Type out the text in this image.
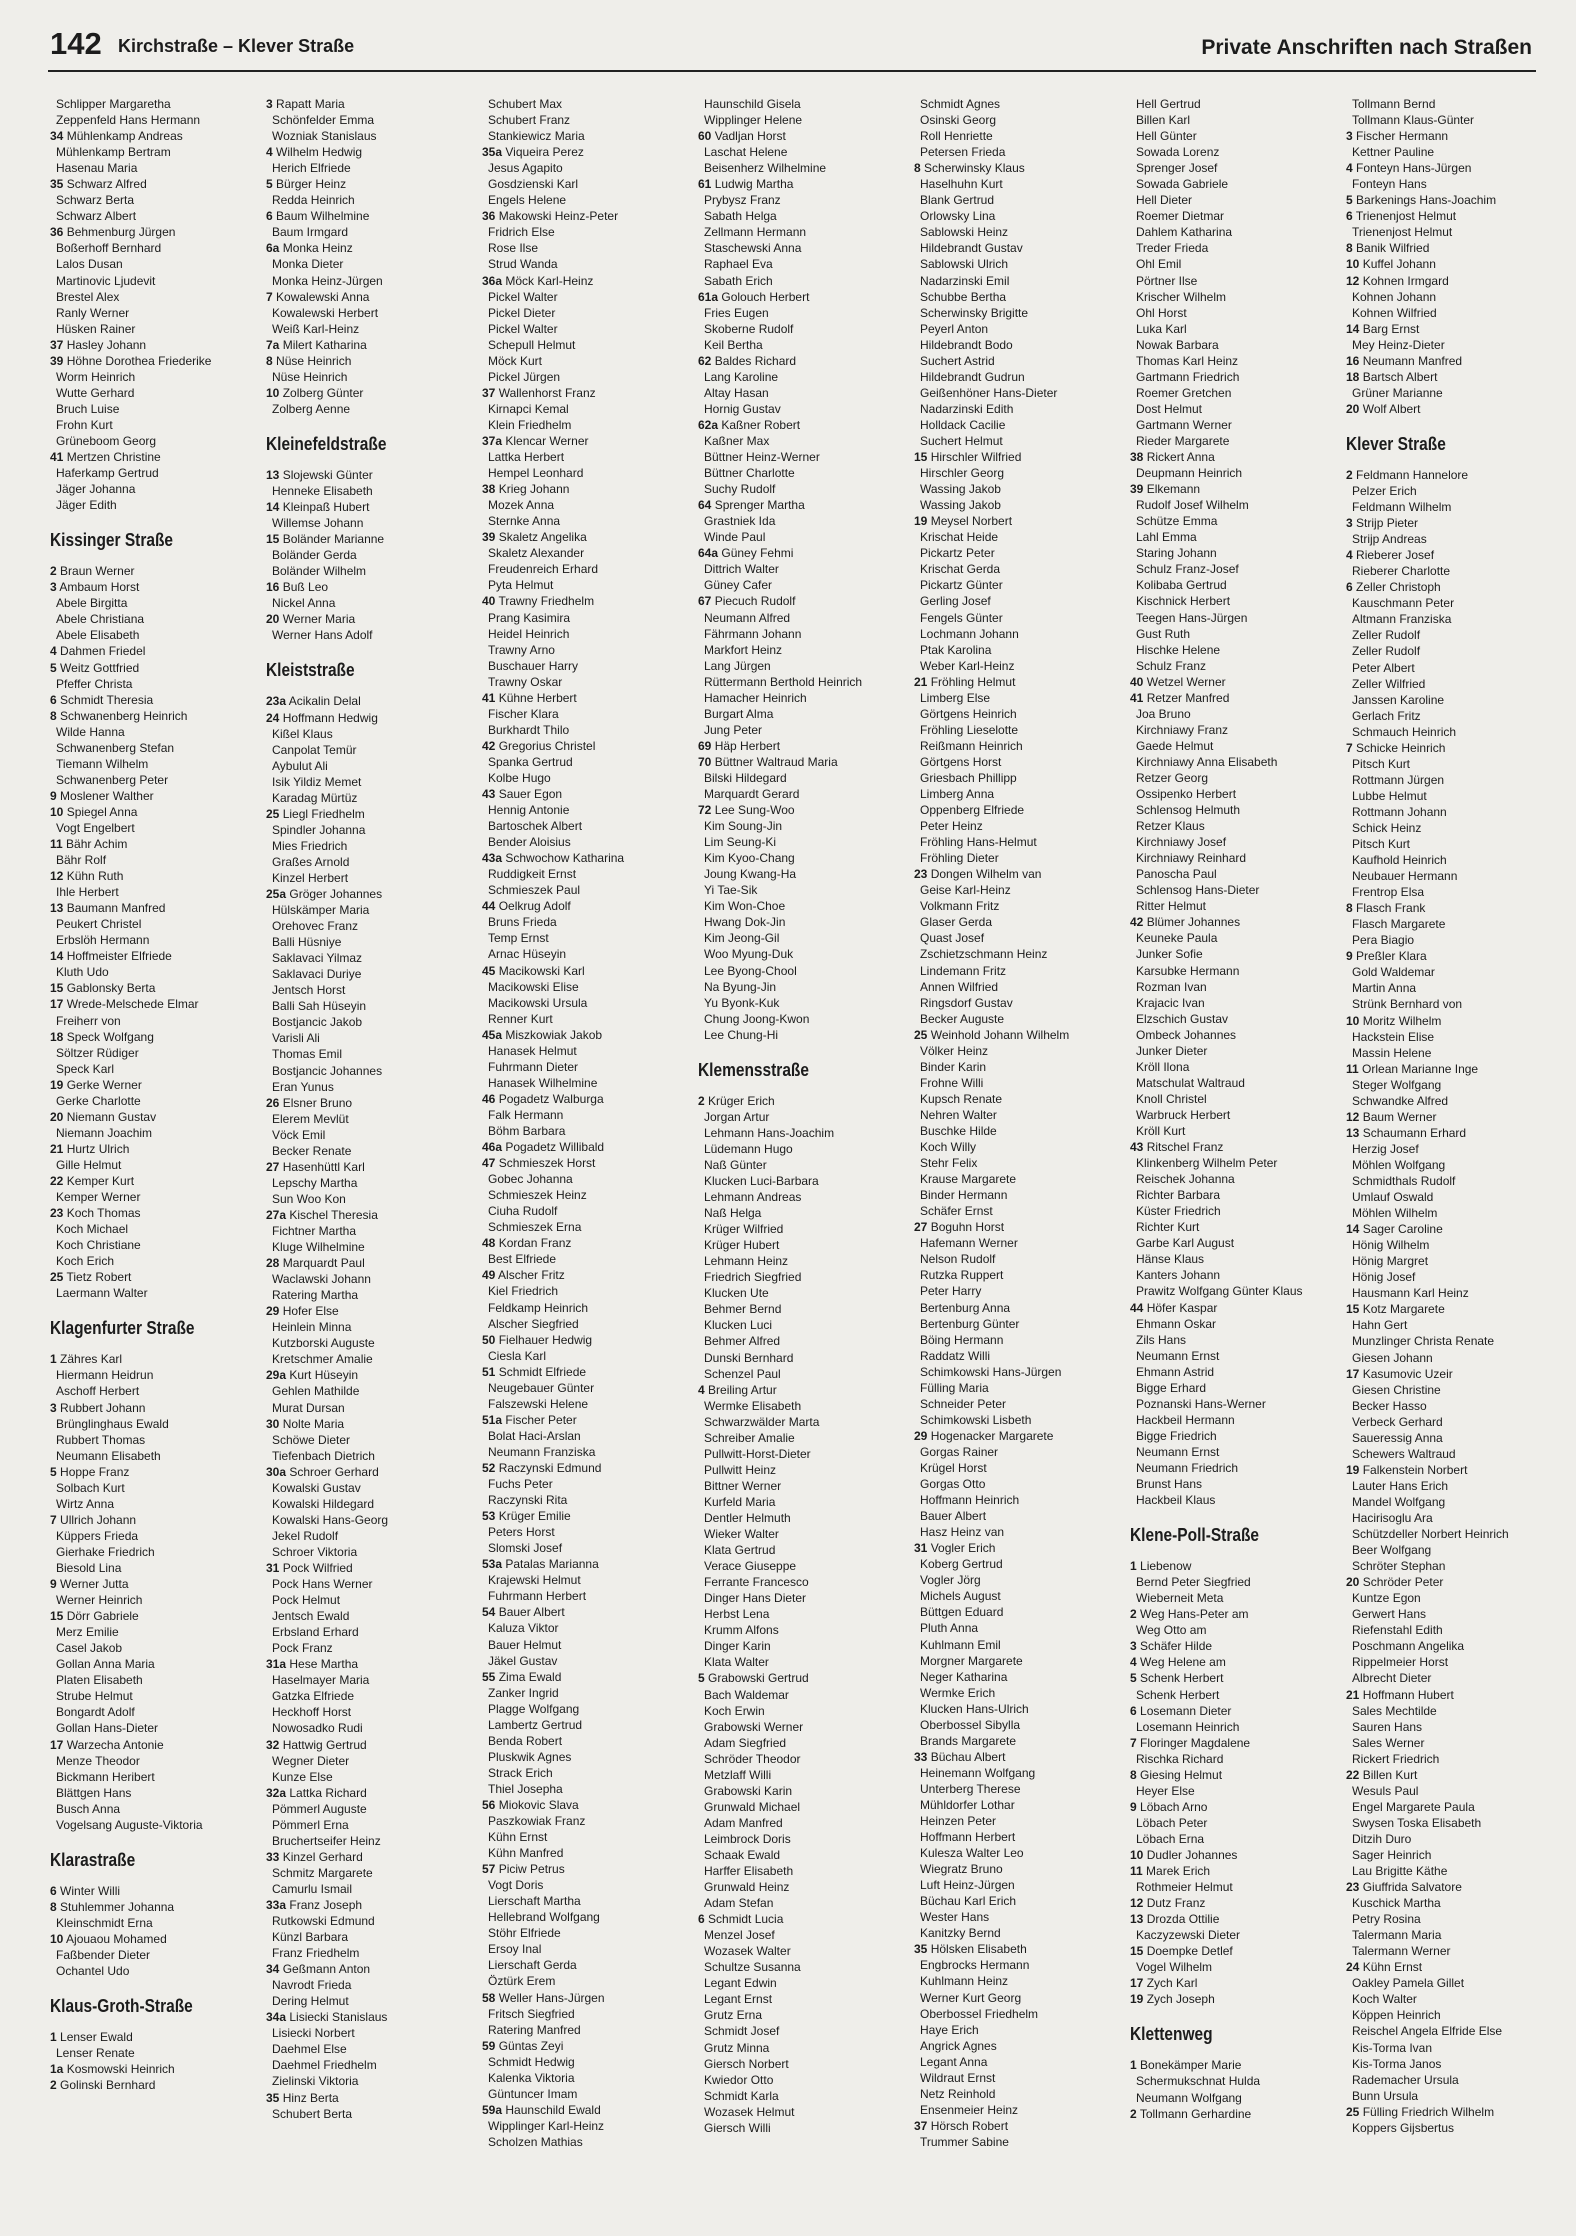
142 Kirchstraße – Klever Straße	Private Anschriften nach Straßen
Schlipper Margaretha
Zeppenfeld Hans Hermann
34 Mühlenkamp Andreas
Mühlenkamp Bertram
Hasenau Maria
35 Schwarz Alfred
Schwarz Berta
Schwarz Albert
36 Behmenburg Jürgen
Boßerhoff Bernhard
Lalos Dusan
Martinovic Ljudevit
Brestel Alex
Ranly Werner
Hüsken Rainer
37 Hasley Johann
39 Höhne Dorothea Friederike
Worm Heinrich
Wutte Gerhard
Bruch Luise
Frohn Kurt
Grüneboom Georg
41 Mertzen Christine
Haferkamp Gertrud
Jäger Johanna
Jäger Edith
Kissinger Straße
2 Braun Werner
3 Ambaum Horst
Abele Birgitta
Abele Christiana
Abele Elisabeth
4 Dahmen Friedel
5 Weitz Gottfried
Pfeffer Christa
6 Schmidt Theresia
8 Schwanenberg Heinrich
Wilde Hanna
Schwanenberg Stefan
Tiemann Wilhelm
Schwanenberg Peter
9 Moslener Walther
10 Spiegel Anna
Vogt Engelbert
11 Bähr Achim
Bähr Rolf
12 Kühn Ruth
Ihle Herbert
13 Baumann Manfred
Peukert Christel
Erbslöh Hermann
14 Hoffmeister Elfriede
Kluth Udo
15 Gablonsky Berta
17 Wrede-Melschede Elmar
Freiherr von
18 Speck Wolfgang
Söltzer Rüdiger
Speck Karl
19 Gerke Werner
Gerke Charlotte
20 Niemann Gustav
Niemann Joachim
21 Hurtz Ulrich
Gille Helmut
22 Kemper Kurt
Kemper Werner
23 Koch Thomas
Koch Michael
Koch Christiane
Koch Erich
25 Tietz Robert
Laermann Walter
Klagenfurter Straße
1 Zähres Karl
Hiermann Heidrun
Aschoff Herbert
3 Rubbert Johann
Brünglinghaus Ewald
Rubbert Thomas
Neumann Elisabeth
5 Hoppe Franz
Solbach Kurt
Wirtz Anna
7 Ullrich Johann
Küppers Frieda
Gierhake Friedrich
Biesold Lina
9 Werner Jutta
Werner Heinrich
15 Dörr Gabriele
Merz Emilie
Casel Jakob
Gollan Anna Maria
Platen Elisabeth
Strube Helmut
Bongardt Adolf
Gollan Hans-Dieter
17 Warzecha Antonie
Menze Theodor
Bickmann Heribert
Blättgen Hans
Busch Anna
Vogelsang Auguste-Viktoria
Klarastraße
6 Winter Willi
8 Stuhlemmer Johanna
Kleinschmidt Erna
10 Ajouaou Mohamed
Faßbender Dieter
Ochantel Udo
Klaus-Groth-Straße
1 Lenser Ewald
Lenser Renate
1a Kosmowski Heinrich
2 Golinski Bernhard
3 Rapatt Maria
Schönfelder Emma
Wozniak Stanislaus
4 Wilhelm Hedwig
Herich Elfriede
5 Bürger Heinz
Redda Heinrich
6 Baum Wilhelmine
Baum Irmgard
6a Monka Heinz
Monka Dieter
Monka Heinz-Jürgen
7 Kowalewski Anna
Kowalewski Herbert
Weiß Karl-Heinz
7a Milert Katharina
8 Nüse Heinrich
Nüse Heinrich
10 Zolberg Günter
Zolberg Aenne
Kleinefeldstraße
13 Slojewski Günter
Henneke Elisabeth
14 Kleinpaß Hubert
Willemse Johann
15 Boländer Marianne
Boländer Gerda
Boländer Wilhelm
16 Buß Leo
Nickel Anna
20 Werner Maria
Werner Hans Adolf
Kleiststraße
23a Acikalin Delal
24 Hoffmann Hedwig
Kißel Klaus
Canpolat Temür
Aybulut Ali
Isik Yildiz Memet
Karadag Mürtüz
25 Liegl Friedhelm
Spindler Johanna
Mies Friedrich
Graßes Arnold
Kinzel Herbert
25a Gröger Johannes
Hülskämper Maria
Orehovec Franz
Balli Hüsniye
Saklavaci Yilmaz
Saklavaci Duriye
Jentsch Horst
Balli Sah Hüseyin
Bostjancic Jakob
Varisli Ali
Thomas Emil
Bostjancic Johannes
Eran Yunus
26 Elsner Bruno
Elerem Mevlüt
Vöck Emil
Becker Renate
27 Hasenhüttl Karl
Lepschy Martha
Sun Woo Kon
27a Kischel Theresia
Fichtner Martha
Kluge Wilhelmine
28 Marquardt Paul
Waclawski Johann
Ratering Martha
29 Hofer Else
Heinlein Minna
Kutzborski Auguste
Kretschmer Amalie
29a Kurt Hüseyin
Gehlen Mathilde
Murat Dursan
30 Nolte Maria
Schöwe Dieter
Tiefenbach Dietrich
30a Schroer Gerhard
Kowalski Gustav
Kowalski Hildegard
Kowalski Hans-Georg
Jekel Rudolf
Schroer Viktoria
31 Pock Wilfried
Pock Hans Werner
Pock Helmut
Jentsch Ewald
Erbsland Erhard
Pock Franz
31a Hese Martha
Haselmayer Maria
Gatzka Elfriede
Heckhoff Horst
Nowosadko Rudi
32 Hattwig Gertrud
Wegner Dieter
Kunze Else
32a Lattka Richard
Pömmerl Auguste
Pömmerl Erna
Bruchertseifer Heinz
33 Kinzel Gerhard
Schmitz Margarete
Camurlu Ismail
33a Franz Joseph
Rutkowski Edmund
Künzl Barbara
Franz Friedhelm
34 Geßmann Anton
Navrodt Frieda
Dering Helmut
34a Lisiecki Stanislaus
Lisiecki Norbert
Daehmel Else
Daehmel Friedhelm
Zielinski Viktoria
35 Hinz Berta
Schubert Berta
Schubert Max
Schubert Franz
Stankiewicz Maria
35a Viqueira Perez
Jesus Agapito
Gosdzienski Karl
Engels Helene
36 Makowski Heinz-Peter
Fridrich Else
Rose Ilse
Strud Wanda
36a Möck Karl-Heinz
Pickel Walter
Pickel Dieter
Pickel Walter
Schepull Helmut
Möck Kurt
Pickel Jürgen
37 Wallenhorst Franz
Kirnapci Kemal
Klein Friedhelm
37a Klencar Werner
Lattka Herbert
Hempel Leonhard
38 Krieg Johann
Mozek Anna
Sternke Anna
39 Skaletz Angelika
Skaletz Alexander
Freudenreich Erhard
Pyta Helmut
40 Trawny Friedhelm
Prang Kasimira
Heidel Heinrich
Trawny Arno
Buschauer Harry
Trawny Oskar
41 Kühne Herbert
Fischer Klara
Burkhardt Thilo
42 Gregorius Christel
Spanka Gertrud
Kolbe Hugo
43 Sauer Egon
Hennig Antonie
Bartoschek Albert
Bender Aloisius
43a Schwochow Katharina
Ruddigkeit Ernst
Schmieszek Paul
44 Oelkrug Adolf
Bruns Frieda
Temp Ernst
Arnac Hüseyin
45 Macikowski Karl
Macikowski Elise
Macikowski Ursula
Renner Kurt
45a Miszkowiak Jakob
Hanasek Helmut
Fuhrmann Dieter
Hanasek Wilhelmine
46 Pogadetz Walburga
Falk Hermann
Böhm Barbara
46a Pogadetz Willibald
47 Schmieszek Horst
Gobec Johanna
Schmieszek Heinz
Ciuha Rudolf
Schmieszek Erna
48 Kordan Franz
Best Elfriede
49 Alscher Fritz
Kiel Friedrich
Feldkamp Heinrich
Alscher Siegfried
50 Fielhauer Hedwig
Ciesla Karl
51 Schmidt Elfriede
Neugebauer Günter
Falszewski Helene
51a Fischer Peter
Bolat Haci-Arslan
Neumann Franziska
52 Raczynski Edmund
Fuchs Peter
Raczynski Rita
53 Krüger Emilie
Peters Horst
Slomski Josef
53a Patalas Marianna
Krajewski Helmut
Fuhrmann Herbert
54 Bauer Albert
Kaluza Viktor
Bauer Helmut
Jäkel Gustav
55 Zima Ewald
Zanker Ingrid
Plagge Wolfgang
Lambertz Gertrud
Benda Robert
Pluskwik Agnes
Strack Erich
Thiel Josepha
56 Miokovic Slava
Paszkowiak Franz
Kühn Ernst
Kühn Manfred
57 Piciw Petrus
Vogt Doris
Lierschaft Martha
Hellebrand Wolfgang
Stöhr Elfriede
Ersoy Inal
Lierschaft Gerda
Öztürk Erem
58 Weller Hans-Jürgen
Fritsch Siegfried
Ratering Manfred
59 Güntas Zeyi
Schmidt Hedwig
Kalenka Viktoria
Güntuncer Imam
59a Haunschild Ewald
Wipplinger Karl-Heinz
Scholzen Mathias
Haunschild Gisela
Wipplinger Helene
60 Vadljan Horst
Laschat Helene
Beisenherz Wilhelmine
61 Ludwig Martha
Prybysz Franz
Sabath Helga
Zellmann Hermann
Staschewski Anna
Raphael Eva
Sabath Erich
61a Golouch Herbert
Fries Eugen
Skoberne Rudolf
Keil Bertha
62 Baldes Richard
Lang Karoline
Altay Hasan
Hornig Gustav
62a Kaßner Robert
Kaßner Max
Büttner Heinz-Werner
Büttner Charlotte
Suchy Rudolf
64 Sprenger Martha
Grastniek Ida
Winde Paul
64a Güney Fehmi
Dittrich Walter
Güney Cafer
67 Piecuch Rudolf
Neumann Alfred
Fährmann Johann
Markfort Heinz
Lang Jürgen
Rüttermann Berthold Heinrich
Hamacher Heinrich
Burgart Alma
Jung Peter
69 Häp Herbert
70 Büttner Waltraud Maria
Bilski Hildegard
Marquardt Gerard
72 Lee Sung-Woo
Kim Soung-Jin
Lim Seung-Ki
Kim Kyoo-Chang
Joung Kwang-Ha
Yi Tae-Sik
Kim Won-Choe
Hwang Dok-Jin
Kim Jeong-Gil
Woo Myung-Duk
Lee Byong-Chool
Na Byung-Jin
Yu Byonk-Kuk
Chung Joong-Kwon
Lee Chung-Hi
Klemensstraße
2 Krüger Erich
Jorgan Artur
Lehmann Hans-Joachim
Lüdemann Hugo
Naß Günter
Klucken Luci-Barbara
Lehmann Andreas
Naß Helga
Krüger Wilfried
Krüger Hubert
Lehmann Heinz
Friedrich Siegfried
Klucken Ute
Behmer Bernd
Klucken Luci
Behmer Alfred
Dunski Bernhard
Schenzel Paul
4 Breiling Artur
Wermke Elisabeth
Schwarzwälder Marta
Schreiber Amalie
Pullwitt-Horst-Dieter
Pullwitt Heinz
Bittner Werner
Kurfeld Maria
Dentler Helmuth
Wieker Walter
Klata Gertrud
Verace Giuseppe
Ferrante Francesco
Dinger Hans Dieter
Herbst Lena
Krumm Alfons
Dinger Karin
Klata Walter
5 Grabowski Gertrud
Bach Waldemar
Koch Erwin
Grabowski Werner
Adam Siegfried
Schröder Theodor
Metzlaff Willi
Grabowski Karin
Grunwald Michael
Adam Manfred
Leimbrock Doris
Schaak Ewald
Harffer Elisabeth
Grunwald Heinz
Adam Stefan
6 Schmidt Lucia
Menzel Josef
Wozasek Walter
Schultze Susanna
Legant Edwin
Legant Ernst
Grutz Erna
Schmidt Josef
Grutz Minna
Giersch Norbert
Kwiedor Otto
Schmidt Karla
Wozasek Helmut
Giersch Willi
Schmidt Agnes
Osinski Georg
Roll Henriette
Petersen Frieda
8 Scherwinsky Klaus
Haselhuhn Kurt
Blank Gertrud
Orlowsky Lina
Sablowski Heinz
Hildebrandt Gustav
Sablowski Ulrich
Nadarzinski Emil
Schubbe Bertha
Scherwinsky Brigitte
Peyerl Anton
Hildebrandt Bodo
Suchert Astrid
Hildebrandt Gudrun
Geißenhöner Hans-Dieter
Nadarzinski Edith
Holldack Cacilie
Suchert Helmut
15 Hirschler Wilfried
Hirschler Georg
Wassing Jakob
Wassing Jakob
19 Meysel Norbert
Krischat Heide
Pickartz Peter
Krischat Gerda
Pickartz Günter
Gerling Josef
Fengels Günter
Lochmann Johann
Ptak Karolina
Weber Karl-Heinz
21 Fröhling Helmut
Limberg Else
Görtgens Heinrich
Fröhling Lieselotte
Reißmann Heinrich
Görtgens Horst
Griesbach Phillipp
Limberg Anna
Oppenberg Elfriede
Peter Heinz
Fröhling Hans-Helmut
Fröhling Dieter
23 Dongen Wilhelm van
Geise Karl-Heinz
Volkmann Fritz
Glaser Gerda
Quast Josef
Zschietzschmann Heinz
Lindemann Fritz
Annen Wilfried
Ringsdorf Gustav
Becker Auguste
25 Weinhold Johann Wilhelm
Völker Heinz
Binder Karin
Frohne Willi
Kupsch Renate
Nehren Walter
Buschke Hilde
Koch Willy
Stehr Felix
Krause Margarete
Binder Hermann
Schäfer Ernst
27 Boguhn Horst
Hafemann Werner
Nelson Rudolf
Rutzka Ruppert
Peter Harry
Bertenburg Anna
Bertenburg Günter
Böing Hermann
Raddatz Willi
Schimkowski Hans-Jürgen
Fülling Maria
Schneider Peter
Schimkowski Lisbeth
29 Hogenacker Margarete
Gorgas Rainer
Krügel Horst
Gorgas Otto
Hoffmann Heinrich
Bauer Albert
Hasz Heinz van
31 Vogler Erich
Koberg Gertrud
Vogler Jörg
Michels August
Büttgen Eduard
Pluth Anna
Kuhlmann Emil
Morgner Margarete
Neger Katharina
Wermke Erich
Klucken Hans-Ulrich
Oberbossel Sibylla
Brands Margarete
33 Büchau Albert
Heinemann Wolfgang
Unterberg Therese
Mühldorfer Lothar
Heinzen Peter
Hoffmann Herbert
Kulesza Walter Leo
Wiegratz Bruno
Luft Heinz-Jürgen
Büchau Karl Erich
Wester Hans
Kanitzky Bernd
35 Hölsken Elisabeth
Engbrocks Hermann
Kuhlmann Heinz
Werner Kurt Georg
Oberbossel Friedhelm
Haye Erich
Angrick Agnes
Legant Anna
Wildraut Ernst
Netz Reinhold
Ensenmeier Heinz
37 Hörsch Robert
Trummer Sabine
Hell Gertrud
Billen Karl
Hell Günter
Sowada Lorenz
Sprenger Josef
Sowada Gabriele
Hell Dieter
Roemer Dietmar
Dahlem Katharina
Treder Frieda
Ohl Emil
Pörtner Ilse
Krischer Wilhelm
Ohl Horst
Luka Karl
Nowak Barbara
Thomas Karl Heinz
Gartmann Friedrich
Roemer Gretchen
Dost Helmut
Gartmann Werner
Rieder Margarete
38 Rickert Anna
Deupmann Heinrich
39 Elkemann
Rudolf Josef Wilhelm
Schütze Emma
Lahl Emma
Staring Johann
Schulz Franz-Josef
Kolibaba Gertrud
Kischnick Herbert
Teegen Hans-Jürgen
Gust Ruth
Hischke Helene
Schulz Franz
40 Wetzel Werner
41 Retzer Manfred
Joa Bruno
Kirchniawy Franz
Gaede Helmut
Kirchniawy Anna Elisabeth
Retzer Georg
Ossipenko Herbert
Schlensog Helmuth
Retzer Klaus
Kirchniawy Josef
Kirchniawy Reinhard
Panoscha Paul
Schlensog Hans-Dieter
Ritter Helmut
42 Blümer Johannes
Keuneke Paula
Junker Sofie
Karsubke Hermann
Rozman Ivan
Krajacic Ivan
Elzschich Gustav
Ombeck Johannes
Junker Dieter
Kröll Ilona
Matschulat Waltraud
Knoll Christel
Warbruck Herbert
Kröll Kurt
43 Ritschel Franz
Klinkenberg Wilhelm Peter
Reischek Johanna
Richter Barbara
Küster Friedrich
Richter Kurt
Garbe Karl August
Hänse Klaus
Kanters Johann
Prawitz Wolfgang Günter Klaus
44 Höfer Kaspar
Ehmann Oskar
Zils Hans
Neumann Ernst
Ehmann Astrid
Bigge Erhard
Poznanski Hans-Werner
Hackbeil Hermann
Bigge Friedrich
Neumann Ernst
Neumann Friedrich
Brunst Hans
Hackbeil Klaus
Klene-Poll-Straße
1 Liebenow
Bernd Peter Siegfried
Wieberneit Meta
2 Weg Hans-Peter am
Weg Otto am
3 Schäfer Hilde
4 Weg Helene am
5 Schenk Herbert
Schenk Herbert
6 Losemann Dieter
Losemann Heinrich
7 Floringer Magdalene
Rischka Richard
8 Giesing Helmut
Heyer Else
9 Löbach Arno
Löbach Peter
Löbach Erna
10 Dudler Johannes
11 Marek Erich
Rothmeier Helmut
12 Dutz Franz
13 Drozda Ottilie
Kaczyzewski Dieter
15 Doempke Detlef
Vogel Wilhelm
17 Zych Karl
19 Zych Joseph
Klettenweg
1 Bonekämper Marie
Schermukschnat Hulda
Neumann Wolfgang
2 Tollmann Gerhardine
Tollmann Bernd
Tollmann Klaus-Günter
3 Fischer Hermann
Kettner Pauline
4 Fonteyn Hans-Jürgen
Fonteyn Hans
5 Barkenings Hans-Joachim
6 Trienenjost Helmut
Trienenjost Helmut
8 Banik Wilfried
10 Kuffel Johann
12 Kohnen Irmgard
Kohnen Johann
Kohnen Wilfried
14 Barg Ernst
Mey Heinz-Dieter
16 Neumann Manfred
18 Bartsch Albert
Grüner Marianne
20 Wolf Albert
Klever Straße
2 Feldmann Hannelore
Pelzer Erich
Feldmann Wilhelm
3 Strijp Pieter
Strijp Andreas
4 Rieberer Josef
Rieberer Charlotte
6 Zeller Christoph
Kauschmann Peter
Altmann Franziska
Zeller Rudolf
Zeller Rudolf
Peter Albert
Zeller Wilfried
Janssen Karoline
Gerlach Fritz
Schmauch Heinrich
7 Schicke Heinrich
Pitsch Kurt
Rottmann Jürgen
Lubbe Helmut
Rottmann Johann
Schick Heinz
Pitsch Kurt
Kaufhold Heinrich
Neubauer Hermann
Frentrop Elsa
8 Flasch Frank
Flasch Margarete
Pera Biagio
9 Preßler Klara
Gold Waldemar
Martin Anna
Strünk Bernhard von
10 Moritz Wilhelm
Hackstein Elise
Massin Helene
11 Orlean Marianne Inge
Steger Wolfgang
Schwandke Alfred
12 Baum Werner
13 Schaumann Erhard
Herzig Josef
Möhlen Wolfgang
Schmidthals Rudolf
Umlauf Oswald
Möhlen Wilhelm
14 Sager Caroline
Hönig Wilhelm
Hönig Margret
Hönig Josef
Hausmann Karl Heinz
15 Kotz Margarete
Hahn Gert
Munzlinger Christa Renate
Giesen Johann
17 Kasumovic Uzeir
Giesen Christine
Becker Hasso
Verbeck Gerhard
Saueressig Anna
Schewers Waltraud
19 Falkenstein Norbert
Lauter Hans Erich
Mandel Wolfgang
Hacirisoglu Ara
Schützdeller Norbert Heinrich
Beer Wolfgang
Schröter Stephan
20 Schröder Peter
Kuntze Egon
Gerwert Hans
Riefenstahl Edith
Poschmann Angelika
Rippelmeier Horst
Albrecht Dieter
21 Hoffmann Hubert
Sales Mechtilde
Sauren Hans
Sales Werner
Rickert Friedrich
22 Billen Kurt
Wesuls Paul
Engel Margarete Paula
Swysen Toska Elisabeth
Ditzih Duro
Sager Heinrich
Lau Brigitte Käthe
23 Giuffrida Salvatore
Kuschick Martha
Petry Rosina
Talermann Maria
Talermann Werner
24 Kühn Ernst
Oakley Pamela Gillet
Koch Walter
Köppen Heinrich
Reischel Angela Elfride Else
Kis-Torma Ivan
Kis-Torma Janos
Rademacher Ursula
Bunn Ursula
25 Fülling Friedrich Wilhelm
Koppers Gijsbertus
